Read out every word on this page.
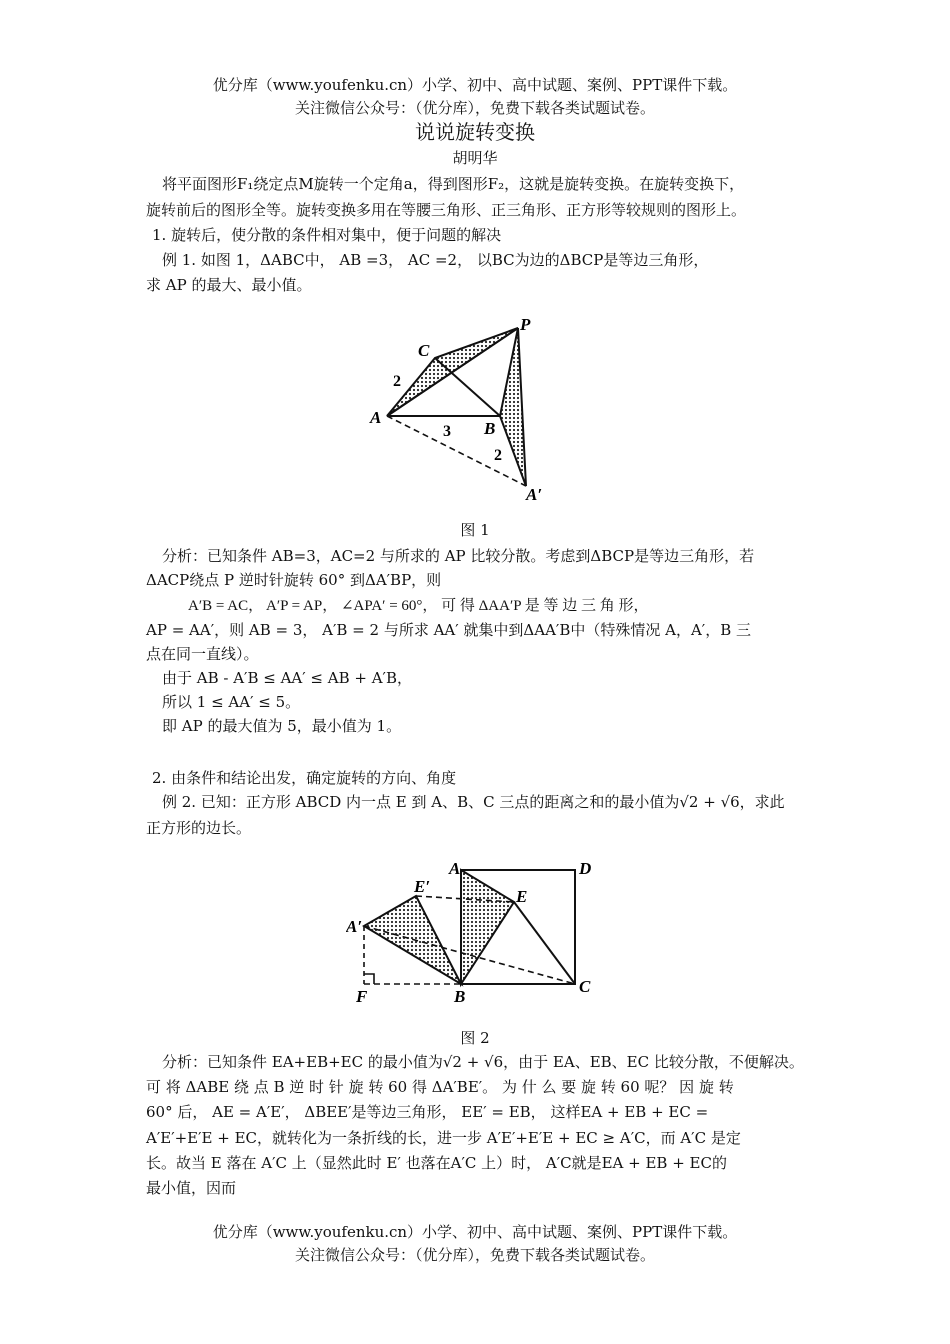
优分库（www.youfenku.cn）小学、初中、高中试题、案例、PPT课件下载。
关注微信公众号：（优分库），免费下载各类试题试卷。
说说旋转变换
胡明华
将平面图形F₁绕定点M旋转一个定角a，得到图形F₂，这就是旋转变换。在旋转变换下，
旋转前后的图形全等。旋转变换多用在等腰三角形、正三角形、正方形等较规则的图形上。
1. 旋转后，使分散的条件相对集中，便于问题的解决
例 1. 如图 1，ΔABC中， AB =3， AC =2， 以BC为边的ΔBCP是等边三角形，
求 AP 的最大、最小值。
C
P
A
B
A′
2
3
2
图 1
分析：已知条件 AB=3，AC=2 与所求的 AP 比较分散。考虑到ΔBCP是等边三角形，若
ΔACP绕点 P 逆时针旋转 60° 到ΔA′BP，则
A′B = AC， A′P = AP， ∠APA′ = 60°， 可 得 ΔAA′P 是 等 边 三 角 形，
AP = AA′，则 AB = 3， A′B = 2 与所求 AA′ 就集中到ΔAA′B中（特殊情况 A，A′，B 三
点在同一直线）。
由于 AB - A′B ≤ AA′ ≤ AB + A′B，
所以 1 ≤ AA′ ≤ 5。
即 AP 的最大值为 5，最小值为 1。
2. 由条件和结论出发，确定旋转的方向、角度
例 2. 已知：正方形 ABCD 内一点 E 到 A、B、C 三点的距离之和的最小值为√2 + √6，求此
正方形的边长。
A	D
E
E′
A′
F	B
C
图 2
分析：已知条件 EA+EB+EC 的最小值为√2 + √6，由于 EA、EB、EC 比较分散，不便解决。
可 将 ΔABE 绕 点 B 逆 时 针 旋 转 60 得 ΔA′BE′。 为 什 么 要 旋 转 60 呢？ 因 旋 转
60° 后， AE = A′E′， ΔBEE′是等边三角形， EE′ = EB， 这样EA + EB + EC =
A′E′+E′E + EC，就转化为一条折线的长，进一步 A′E′+E′E + EC ≥ A′C，而 A′C 是定
长。故当 E 落在 A′C 上（显然此时 E′ 也落在A′C 上）时， A′C就是EA + EB + EC的
最小值，因而
优分库（www.youfenku.cn）小学、初中、高中试题、案例、PPT课件下载。
关注微信公众号：（优分库），免费下载各类试题试卷。
